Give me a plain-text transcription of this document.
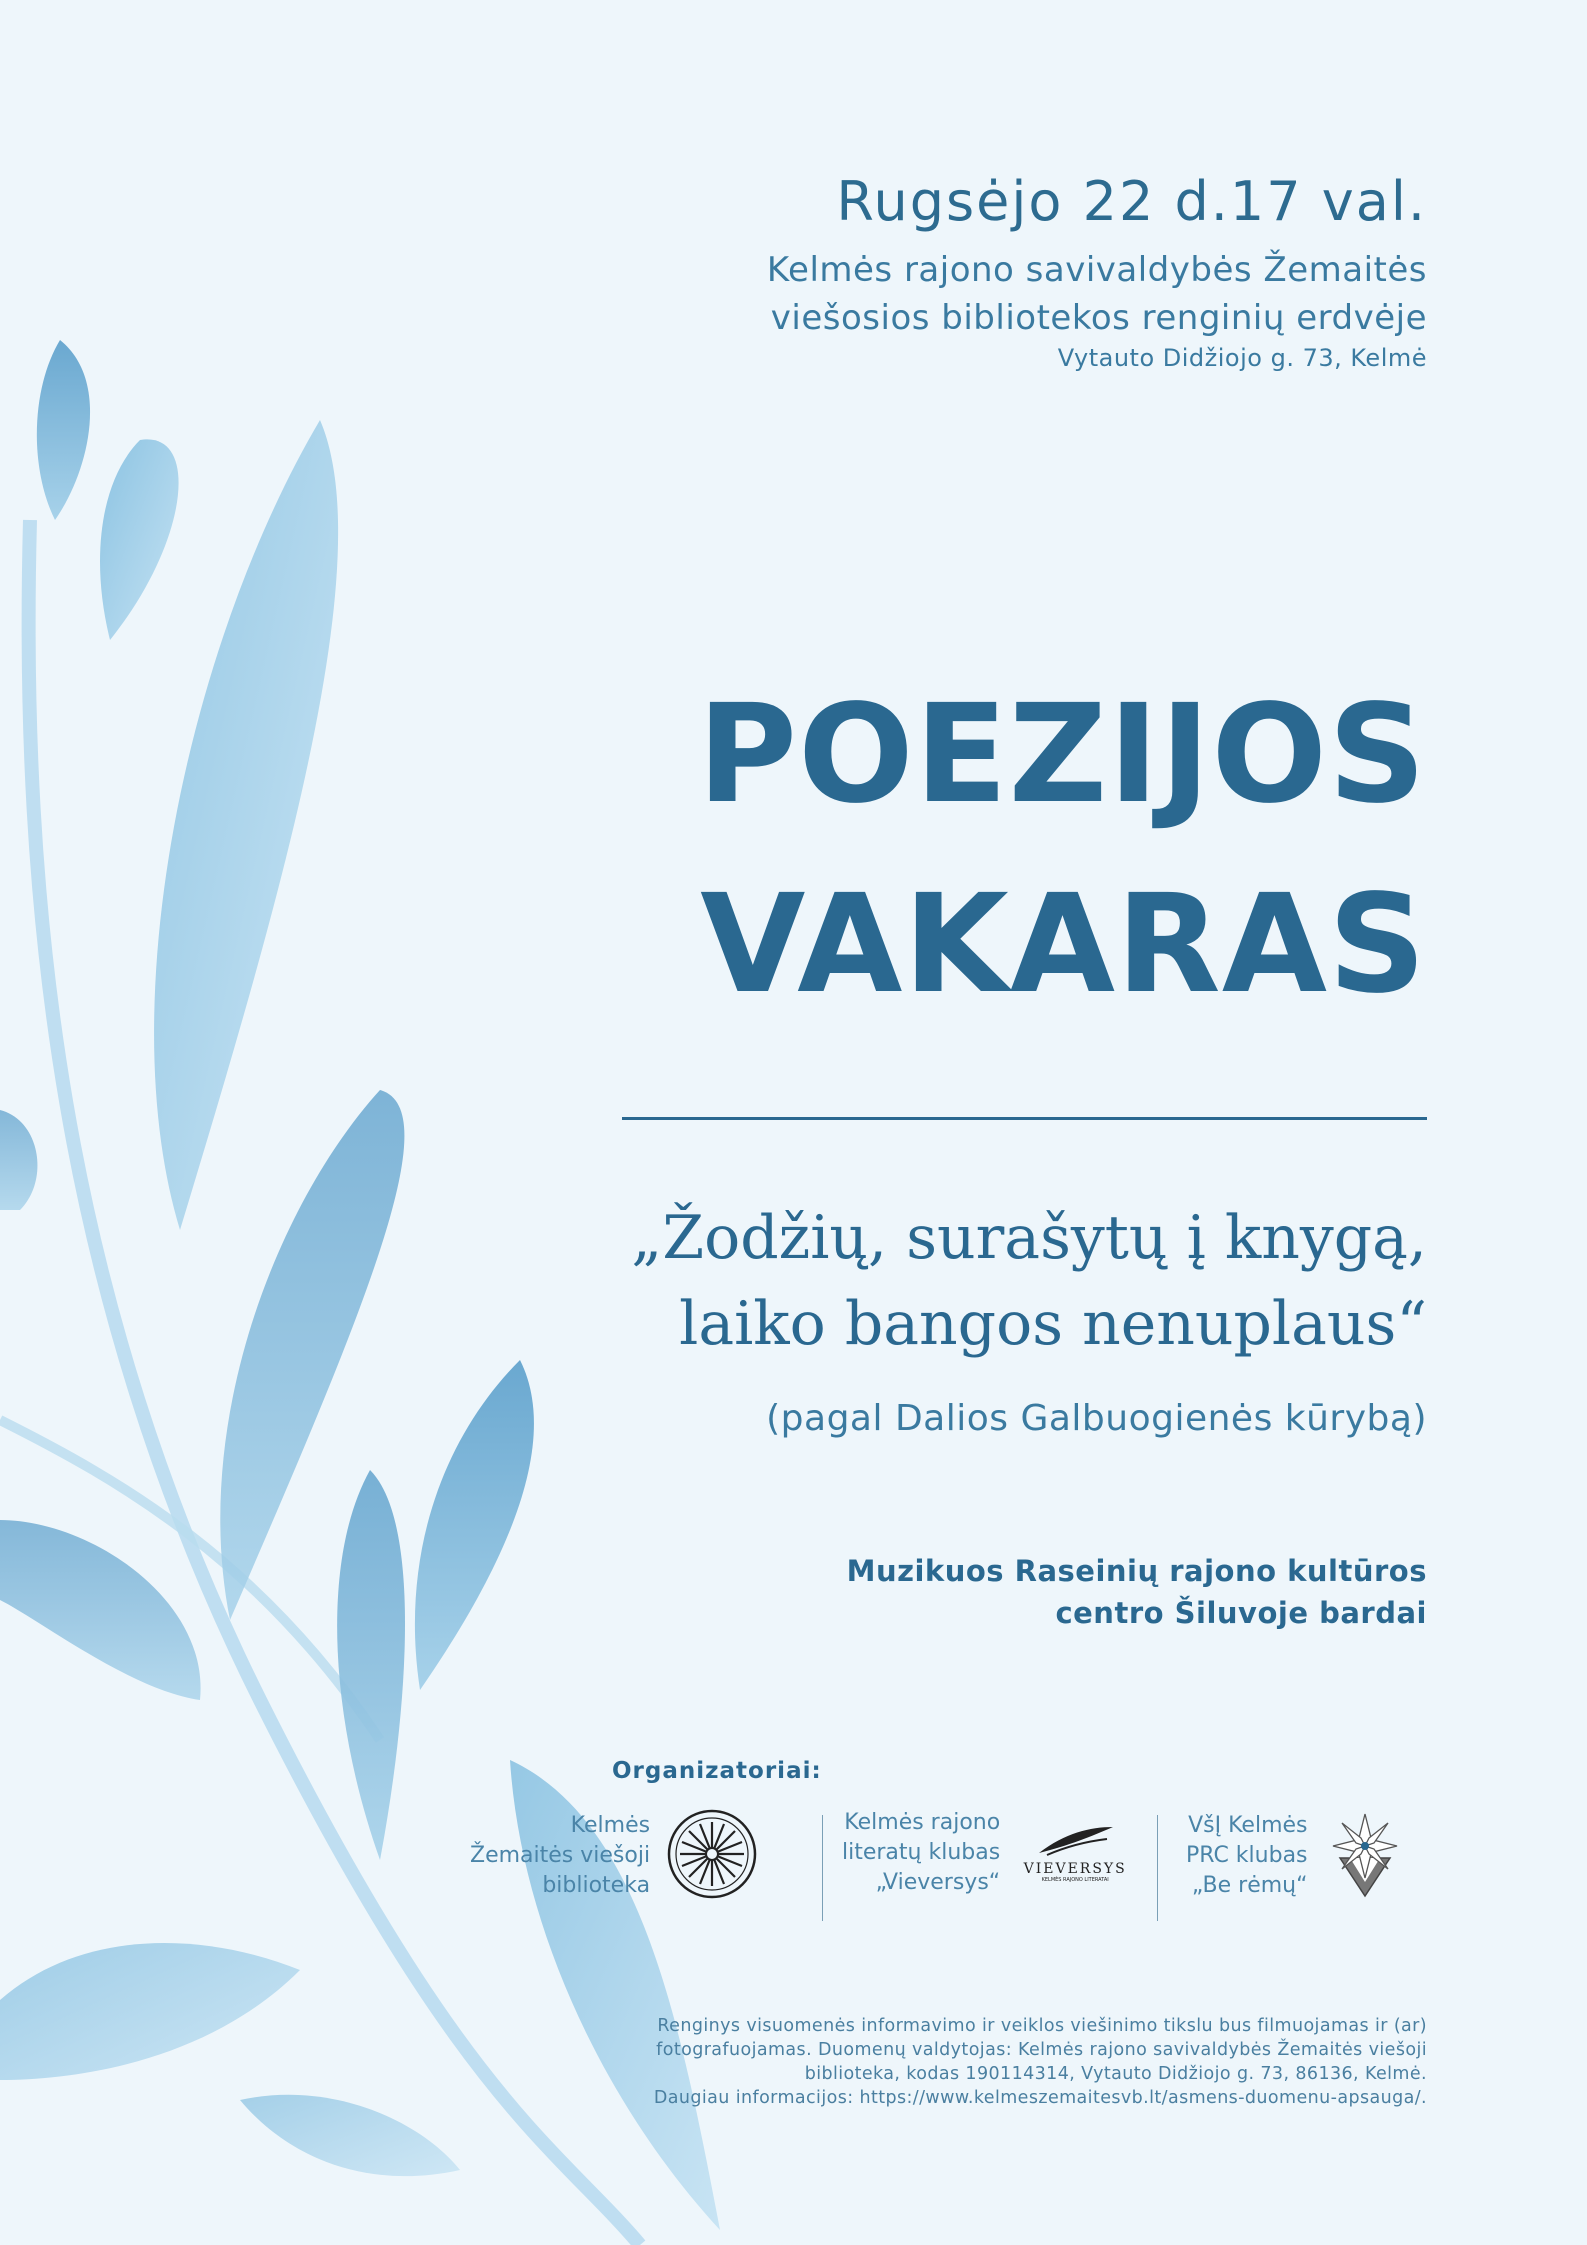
Rugsėjo 22 d.17 val.
Kelmės rajono savivaldybės Žemaitės
viešosios bibliotekos renginių erdvėje
Vytauto Didžiojo g. 73, Kelmė
POEZIJOS
VAKARAS
„Žodžių, surašytų į knygą,
laiko bangos nenuplaus“
(pagal Dalios Galbuogienės kūrybą)
Muzikuos Raseinių rajono kultūros
centro Šiluvoje bardai
Organizatoriai:
Kelmės
Žemaitės viešoji
biblioteka
Kelmės rajono
literatų klubas
„Vieversys“
VIEVERSYS
KELMĖS RAJONO LITERATAI
VšĮ Kelmės
PRC klubas
„Be rėmų“
Renginys visuomenės informavimo ir veiklos viešinimo tikslu bus filmuojamas ir (ar)
fotografuojamas. Duomenų valdytojas: Kelmės rajono savivaldybės Žemaitės viešoji
biblioteka, kodas 190114314, Vytauto Didžiojo g. 73, 86136, Kelmė.
Daugiau informacijos: https://www.kelmeszemaitesvb.lt/asmens-duomenu-apsauga/.
